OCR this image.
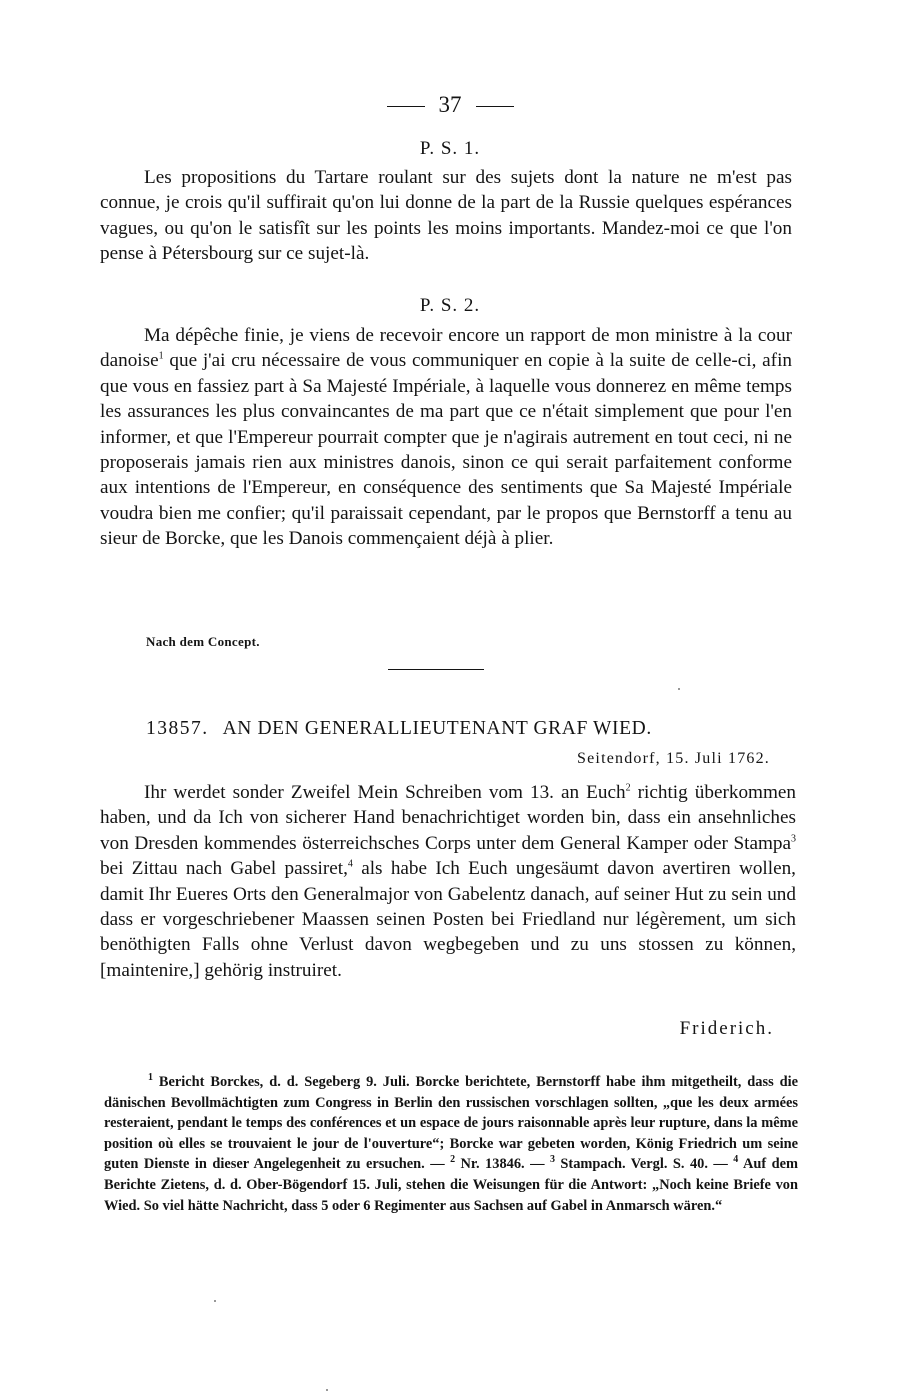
37
P. S. 1.
Les propositions du Tartare roulant sur des sujets dont la nature ne m'est pas connue, je crois qu'il suffirait qu'on lui donne de la part de la Russie quelques espérances vagues, ou qu'on le satisfît sur les points les moins importants. Mandez-moi ce que l'on pense à Pétersbourg sur ce sujet-là.
P. S. 2.
Ma dépêche finie, je viens de recevoir encore un rapport de mon ministre à la cour danoise$^1$ que j'ai cru nécessaire de vous communiquer en copie à la suite de celle-ci, afin que vous en fassiez part à Sa Majesté Impériale, à laquelle vous donnerez en même temps les assurances les plus convaincantes de ma part que ce n'était simplement que pour l'en informer, et que l'Empereur pourrait compter que je n'agirais autrement en tout ceci, ni ne proposerais jamais rien aux ministres danois, sinon ce qui serait parfaitement conforme aux intentions de l'Empereur, en conséquence des sentiments que Sa Majesté Impériale voudra bien me confier; qu'il paraissait cependant, par le propos que Bernstorff a tenu au sieur de Borcke, que les Danois commençaient déjà à plier.
Nach dem Concept.
13857. AN DEN GENERALLIEUTENANT GRAF WIED.
Seitendorf, 15. Juli 1762.
Ihr werdet sonder Zweifel Mein Schreiben vom 13. an Euch$^2$ richtig überkommen haben, und da Ich von sicherer Hand benachrichtiget worden bin, dass ein ansehnliches von Dresden kommendes österreichsches Corps unter dem General Kamper oder Stampa$^3$ bei Zittau nach Gabel passiret,$^4$ als habe Ich Euch ungesäumt davon avertiren wollen, damit Ihr Eueres Orts den Generalmajor von Gabelentz danach, auf seiner Hut zu sein und dass er vorgeschriebener Maassen seinen Posten bei Friedland nur légèrement, um sich benöthigten Falls ohne Verlust davon wegbegeben und zu uns stossen zu können, [maintenire,] gehörig instruiret.
Friderich.
$^1$ Bericht Borckes, d. d. Segeberg 9. Juli. Borcke berichtete, Bernstorff habe ihm mitgetheilt, dass die dänischen Bevollmächtigten zum Congress in Berlin den russischen vorschlagen sollten, „que les deux armées resteraient, pendant le temps des conférences et un espace de jours raisonnable après leur rupture, dans la même position où elles se trouvaient le jour de l'ouverture“; Borcke war gebeten worden, König Friedrich um seine guten Dienste in dieser Angelegenheit zu ersuchen. — $^2$ Nr. 13846. — $^3$ Stampach. Vergl. S. 40. — $^4$ Auf dem Berichte Zietens, d. d. Ober-Bögendorf 15. Juli, stehen die Weisungen für die Antwort: „Noch keine Briefe von Wied. So viel hätte Nachricht, dass 5 oder 6 Regimenter aus Sachsen auf Gabel in Anmarsch wären.“
